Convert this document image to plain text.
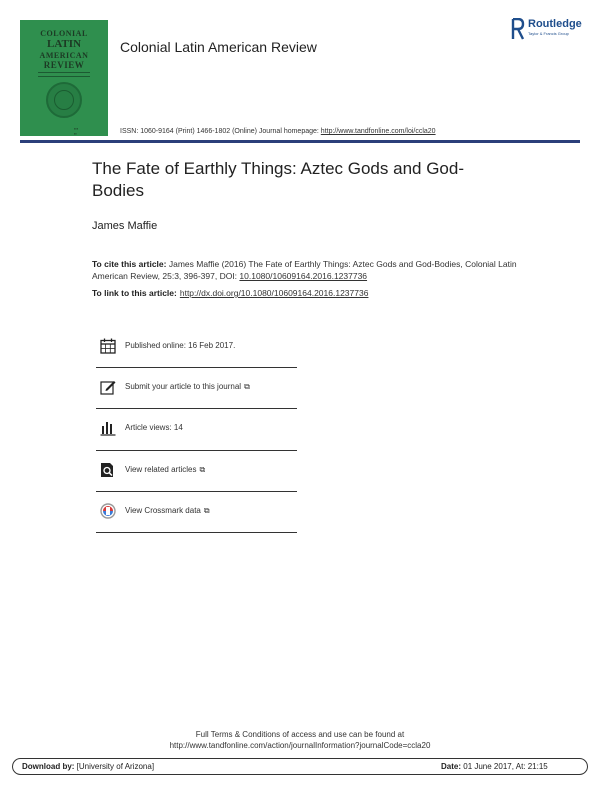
COLONIAL
LATIN
AMERICAN
REVIEW
▪▪▪
▪▪
Colonial Latin American Review
Routledge
Taylor & Francis Group
ISSN: 1060-9164 (Print) 1466-1802 (Online) Journal homepage: http://www.tandfonline.com/loi/ccla20
The Fate of Earthly Things: Aztec Gods and God-Bodies
James Maffie
To cite this article: James Maffie (2016) The Fate of Earthly Things: Aztec Gods and God-Bodies, Colonial Latin American Review, 25:3, 396-397, DOI: 10.1080/10609164.2016.1237736
To link to this article: http://dx.doi.org/10.1080/10609164.2016.1237736
Published online: 16 Feb 2017.
Submit your article to this journal ⧉
Article views: 14
View related articles ⧉
View Crossmark data ⧉
Full Terms & Conditions of access and use can be found at
http://www.tandfonline.com/action/journalInformation?journalCode=ccla20
Download by: [University of Arizona]	Date: 01 June 2017, At: 21:15
